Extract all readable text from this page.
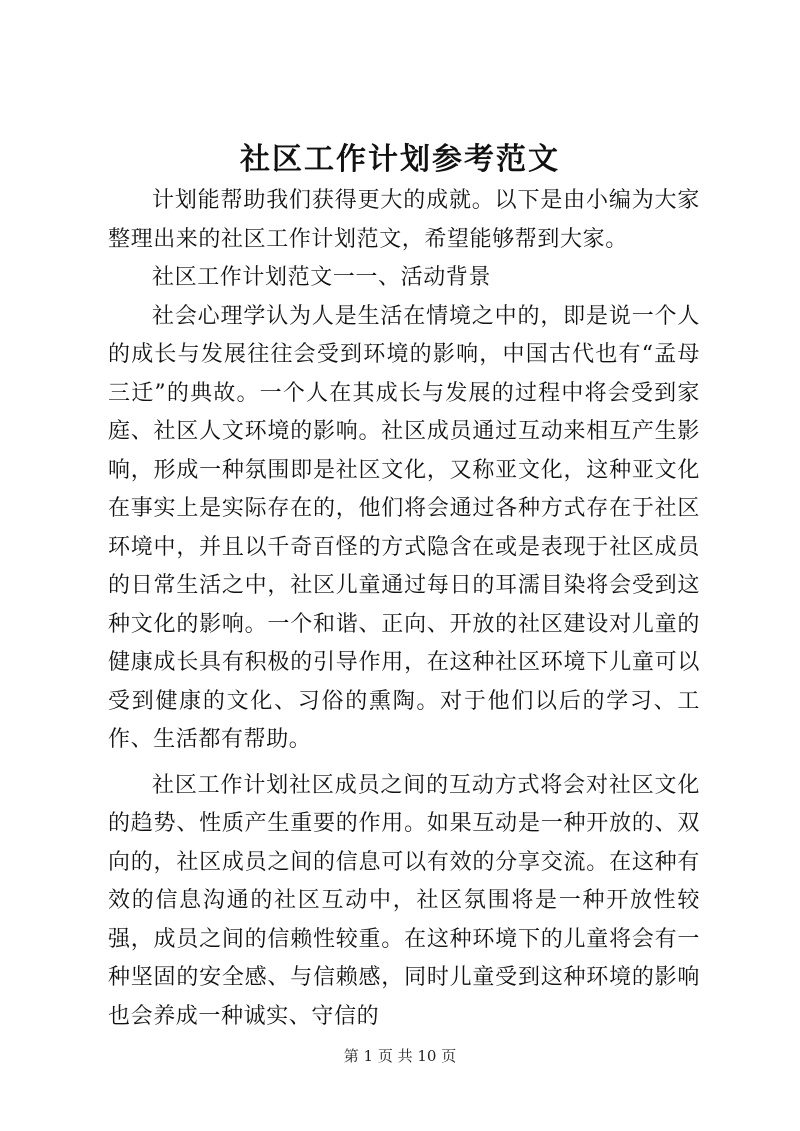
社区工作计划参考范文

计划能帮助我们获得更大的成就。以下是由小编为大家整理出来的社区工作计划范文，希望能够帮到大家。

社区工作计划范文一一、活动背景

社会心理学认为人是生活在情境之中的，即是说一个人的成长与发展往往会受到环境的影响，中国古代也有“孟母三迁”的典故。一个人在其成长与发展的过程中将会受到家庭、社区人文环境的影响。社区成员通过互动来相互产生影响，形成一种氛围即是社区文化，又称亚文化，这种亚文化在事实上是实际存在的，他们将会通过各种方式存在于社区环境中，并且以千奇百怪的方式隐含在或是表现于社区成员的日常生活之中，社区儿童通过每日的耳濡目染将会受到这种文化的影响。一个和谐、正向、开放的社区建设对儿童的健康成长具有积极的引导作用，在这种社区环境下儿童可以受到健康的文化、习俗的熏陶。对于他们以后的学习、工作、生活都有帮助。

社区工作计划社区成员之间的互动方式将会对社区文化的趋势、性质产生重要的作用。如果互动是一种开放的、双向的，社区成员之间的信息可以有效的分享交流。在这种有效的信息沟通的社区互动中，社区氛围将是一种开放性较强，成员之间的信赖性较重。在这种环境下的儿童将会有一种坚固的安全感、与信赖感，同时儿童受到这种环境的影响也会养成一种诚实、守信的

第 1 页 共 10 页
